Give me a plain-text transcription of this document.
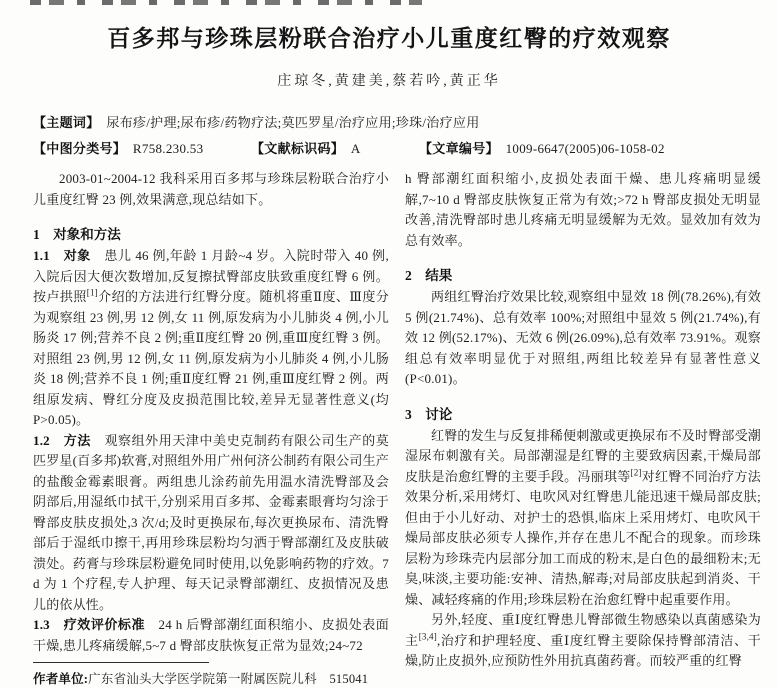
百多邦与珍珠层粉联合治疗小儿重度红臀的疗效观察
庄琼冬,黄建美,蔡若吟,黄正华
【主题词】　 尿布疹/护理;尿布疹/药物疗法;莫匹罗星/治疗应用;珍珠/治疗应用
【中图分类号】　 R758.230.53	【文献标识码】　 A	【文章编号】　 1009-6647(2005)06-1058-02

2003-01~2004-12 我科采用百多邦与珍珠层粉联合治疗小儿重度红臀 23 例,效果满意,现总结如下。

1　对象和方法

1.1　对象　患儿 46 例,年龄 1 月龄~4 岁。入院时带入 40 例,入院后因大便次数增加,反复擦拭臀部皮肤致重度红臀 6 例。按卢拱照[1]介绍的方法进行红臀分度。随机将重Ⅱ度、Ⅲ度分为观察组 23 例,男 12 例,女 11 例,原发病为小儿肺炎 4 例,小儿肠炎 17 例;营养不良 2 例;重Ⅱ度红臀 20 例,重Ⅲ度红臀 3 例。对照组 23 例,男 12 例,女 11 例,原发病为小儿肺炎 4 例,小儿肠炎 18 例;营养不良 1 例;重Ⅱ度红臀 21 例,重Ⅲ度红臀 2 例。两组原发病、臀红分度及皮损范围比较,差异无显著性意义(均 P>0.05)。

1.2　方法　观察组外用天津中美史克制药有限公司生产的莫匹罗星(百多邦)软膏,对照组外用广州何济公制药有限公司生产的盐酸金霉素眼膏。两组患儿涂药前先用温水清洗臀部及会阴部后,用湿纸巾拭干,分别采用百多邦、金霉素眼膏均匀涂于臀部皮肤皮损处,3 次/d;及时更换尿布,每次更换尿布、清洗臀部后于湿纸巾擦干,再用珍珠层粉均匀洒于臀部潮红及皮肤破溃处。药膏与珍珠层粉避免同时使用,以免影响药物的疗效。7 d 为 1 个疗程,专人护理、每天记录臀部潮红、皮损情况及患儿的依从性。

1.3　疗效评价标准　24 h 后臀部潮红面积缩小、皮损处表面干燥,患儿疼痛缓解,5~7 d 臀部皮肤恢复正常为显效;24~72

作者单位:广东省汕头大学医学院第一附属医院儿科　515041

h 臀部潮红面积缩小,皮损处表面干燥、患儿疼痛明显缓解,7~10 d 臀部皮肤恢复正常为有效;>72 h 臀部皮损处无明显改善,清洗臀部时患儿疼痛无明显缓解为无效。显效加有效为总有效率。

2　结果

两组红臀治疗效果比较,观察组中显效 18 例(78.26%),有效 5 例(21.74%)、总有效率 100%;对照组中显效 5 例(21.74%),有效 12 例(52.17%)、无效 6 例(26.09%),总有效率 73.91%。观察组总有效率明显优于对照组,两组比较差异有显著性意义(P<0.01)。

3　讨论

红臀的发生与反复排稀便刺激或更换尿布不及时臀部受潮湿尿布刺激有关。局部潮湿是红臀的主要致病因素,干燥局部皮肤是治愈红臀的主要手段。冯丽琪等[2]对红臀不同治疗方法效果分析,采用烤灯、电吹风对红臀患儿能迅速干燥局部皮肤;但由于小儿好动、对护士的恐惧,临床上采用烤灯、电吹风干燥局部皮肤必须专人操作,并存在患儿不配合的现象。而珍珠层粉为珍珠壳内层部分加工而成的粉末,是白色的最细粉末;无臭,味淡,主要功能:安神、清热,解毒;对局部皮肤起到消炎、干燥、减轻疼痛的作用;珍珠层粉在治愈红臀中起重要作用。

另外,轻度、重Ⅰ度红臀患儿臀部微生物感染以真菌感染为主[3,4],治疗和护理轻度、重Ⅰ度红臀主要除保持臀部清洁、干燥,防止皮损外,应预防性外用抗真菌药膏。而较严重的红臀
